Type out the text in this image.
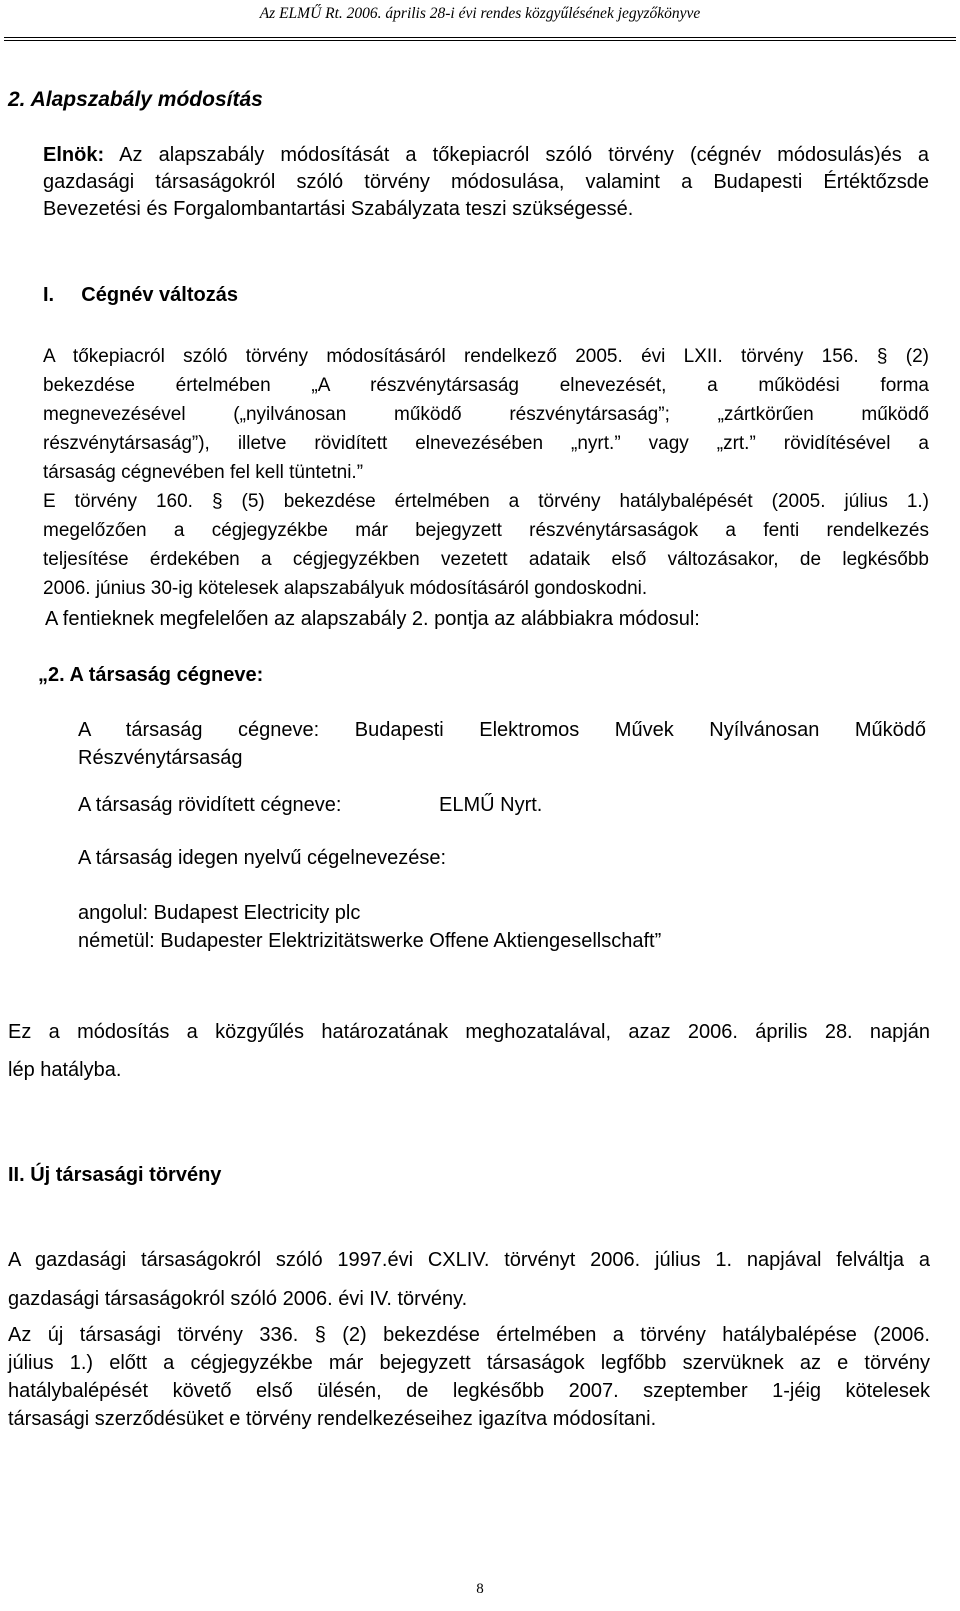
Az ELMŰ Rt. 2006. április 28-i évi rendes közgyűlésének jegyzőkönyve
2. Alapszabály módosítás
Elnök: Az alapszabály módosítását a tőkepiacról szóló törvény (cégnév módosulás)és a
gazdasági társaságokról szóló törvény módosulása, valamint a Budapesti Értéktőzsde
Bevezetési és Forgalombantartási Szabályzata teszi szükségessé.
I. Cégnév változás
A tőkepiacról szóló törvény módosításáról rendelkező 2005. évi LXII. törvény 156. § (2)
bekezdése értelmében „A részvénytársaság elnevezését, a működési forma
megnevezésével („nyilvánosan működő részvénytársaság”; „zártkörűen működő
részvénytársaság”), illetve rövidített elnevezésében „nyrt.” vagy „zrt.” rövidítésével a
társaság cégnevében fel kell tüntetni.”
E törvény 160. § (5) bekezdése értelmében a törvény hatálybalépését (2005. július 1.)
megelőzően a cégjegyzékbe már bejegyzett részvénytársaságok a fenti rendelkezés
teljesítése érdekében a cégjegyzékben vezetett adataik első változásakor, de legkésőbb
2006. június 30-ig kötelesek alapszabályuk módosításáról gondoskodni.
A fentieknek megfelelően az alapszabály 2. pontja az alábbiakra módosul:
„2. A társaság cégneve:
A társaság cégneve: Budapesti Elektromos Művek Nyílvánosan Működő
Részvénytársaság
A társaság rövidített cégneve:	ELMŰ Nyrt.
A társaság idegen nyelvű cégelnevezése:
angolul: Budapest Electricity plc
németül: Budapester Elektrizitätswerke Offene Aktiengesellschaft”
Ez a módosítás a közgyűlés határozatának meghozatalával, azaz 2006. április 28. napján
lép hatályba.
II. Új társasági törvény
A gazdasági társaságokról szóló 1997.évi CXLIV. törvényt 2006. július 1. napjával felváltja a
gazdasági társaságokról szóló 2006. évi IV. törvény.
Az új társasági törvény 336. § (2) bekezdése értelmében a törvény hatálybalépése (2006.
július 1.) előtt a cégjegyzékbe már bejegyzett társaságok legfőbb szervüknek az e törvény
hatálybalépését követő első ülésén, de legkésőbb 2007. szeptember 1-jéig kötelesek
társasági szerződésüket e törvény rendelkezéseihez igazítva módosítani.
8
